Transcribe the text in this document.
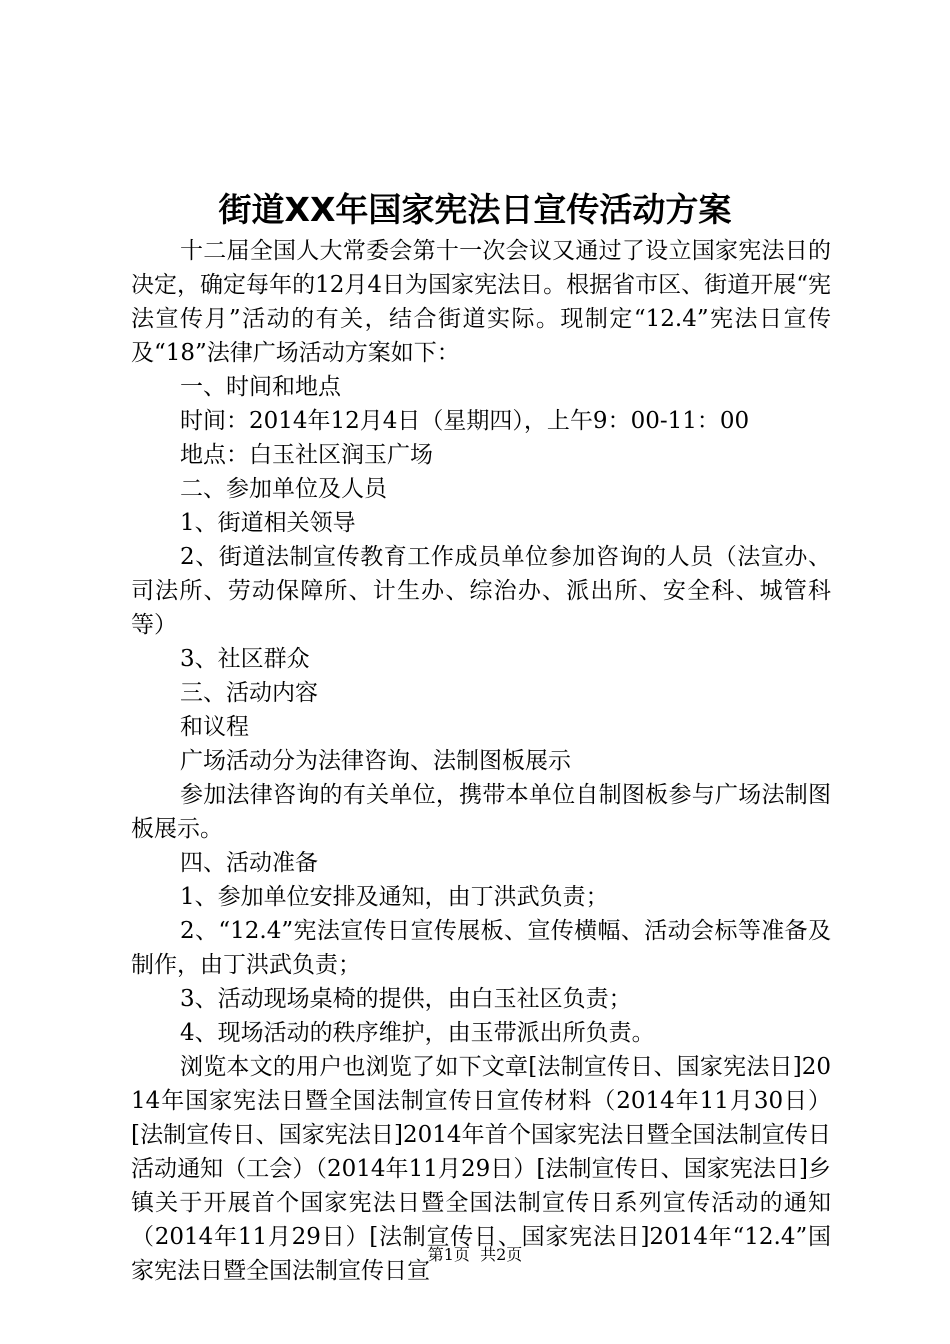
街道XX年国家宪法日宣传活动方案

十二届全国人大常委会第十一次会议又通过了设立国家宪法日的决定，确定每年的12月4日为国家宪法日。根据省市区、街道开展“宪法宣传月”活动的有关，结合街道实际。现制定“12.4”宪法日宣传及“18”法律广场活动方案如下：

一、时间和地点

时间：2014年12月4日（星期四），上午9：00-11：00

地点：白玉社区润玉广场

二、参加单位及人员

1、街道相关领导

2、街道法制宣传教育工作成员单位参加咨询的人员（法宣办、司法所、劳动保障所、计生办、综治办、派出所、安全科、城管科等）

3、社区群众

三、活动内容

和议程

广场活动分为法律咨询、法制图板展示

参加法律咨询的有关单位，携带本单位自制图板参与广场法制图板展示。

四、活动准备

1、参加单位安排及通知，由丁洪武负责；

2、“12.4”宪法宣传日宣传展板、宣传横幅、活动会标等准备及制作，由丁洪武负责；

3、活动现场桌椅的提供，由白玉社区负责；

4、现场活动的秩序维护，由玉带派出所负责。

浏览本文的用户也浏览了如下文章[法制宣传日、国家宪法日]2014年国家宪法日暨全国法制宣传日宣传材料（2014年11月30日）[法制宣传日、国家宪法日]2014年首个国家宪法日暨全国法制宣传日活动通知（工会）（2014年11月29日）[法制宣传日、国家宪法日]乡镇关于开展首个国家宪法日暨全国法制宣传日系列宣传活动的通知（2014年11月29日）[法制宣传日、国家宪法日]2014年“12.4”国家宪法日暨全国法制宣传日宣

第1页  共2页
